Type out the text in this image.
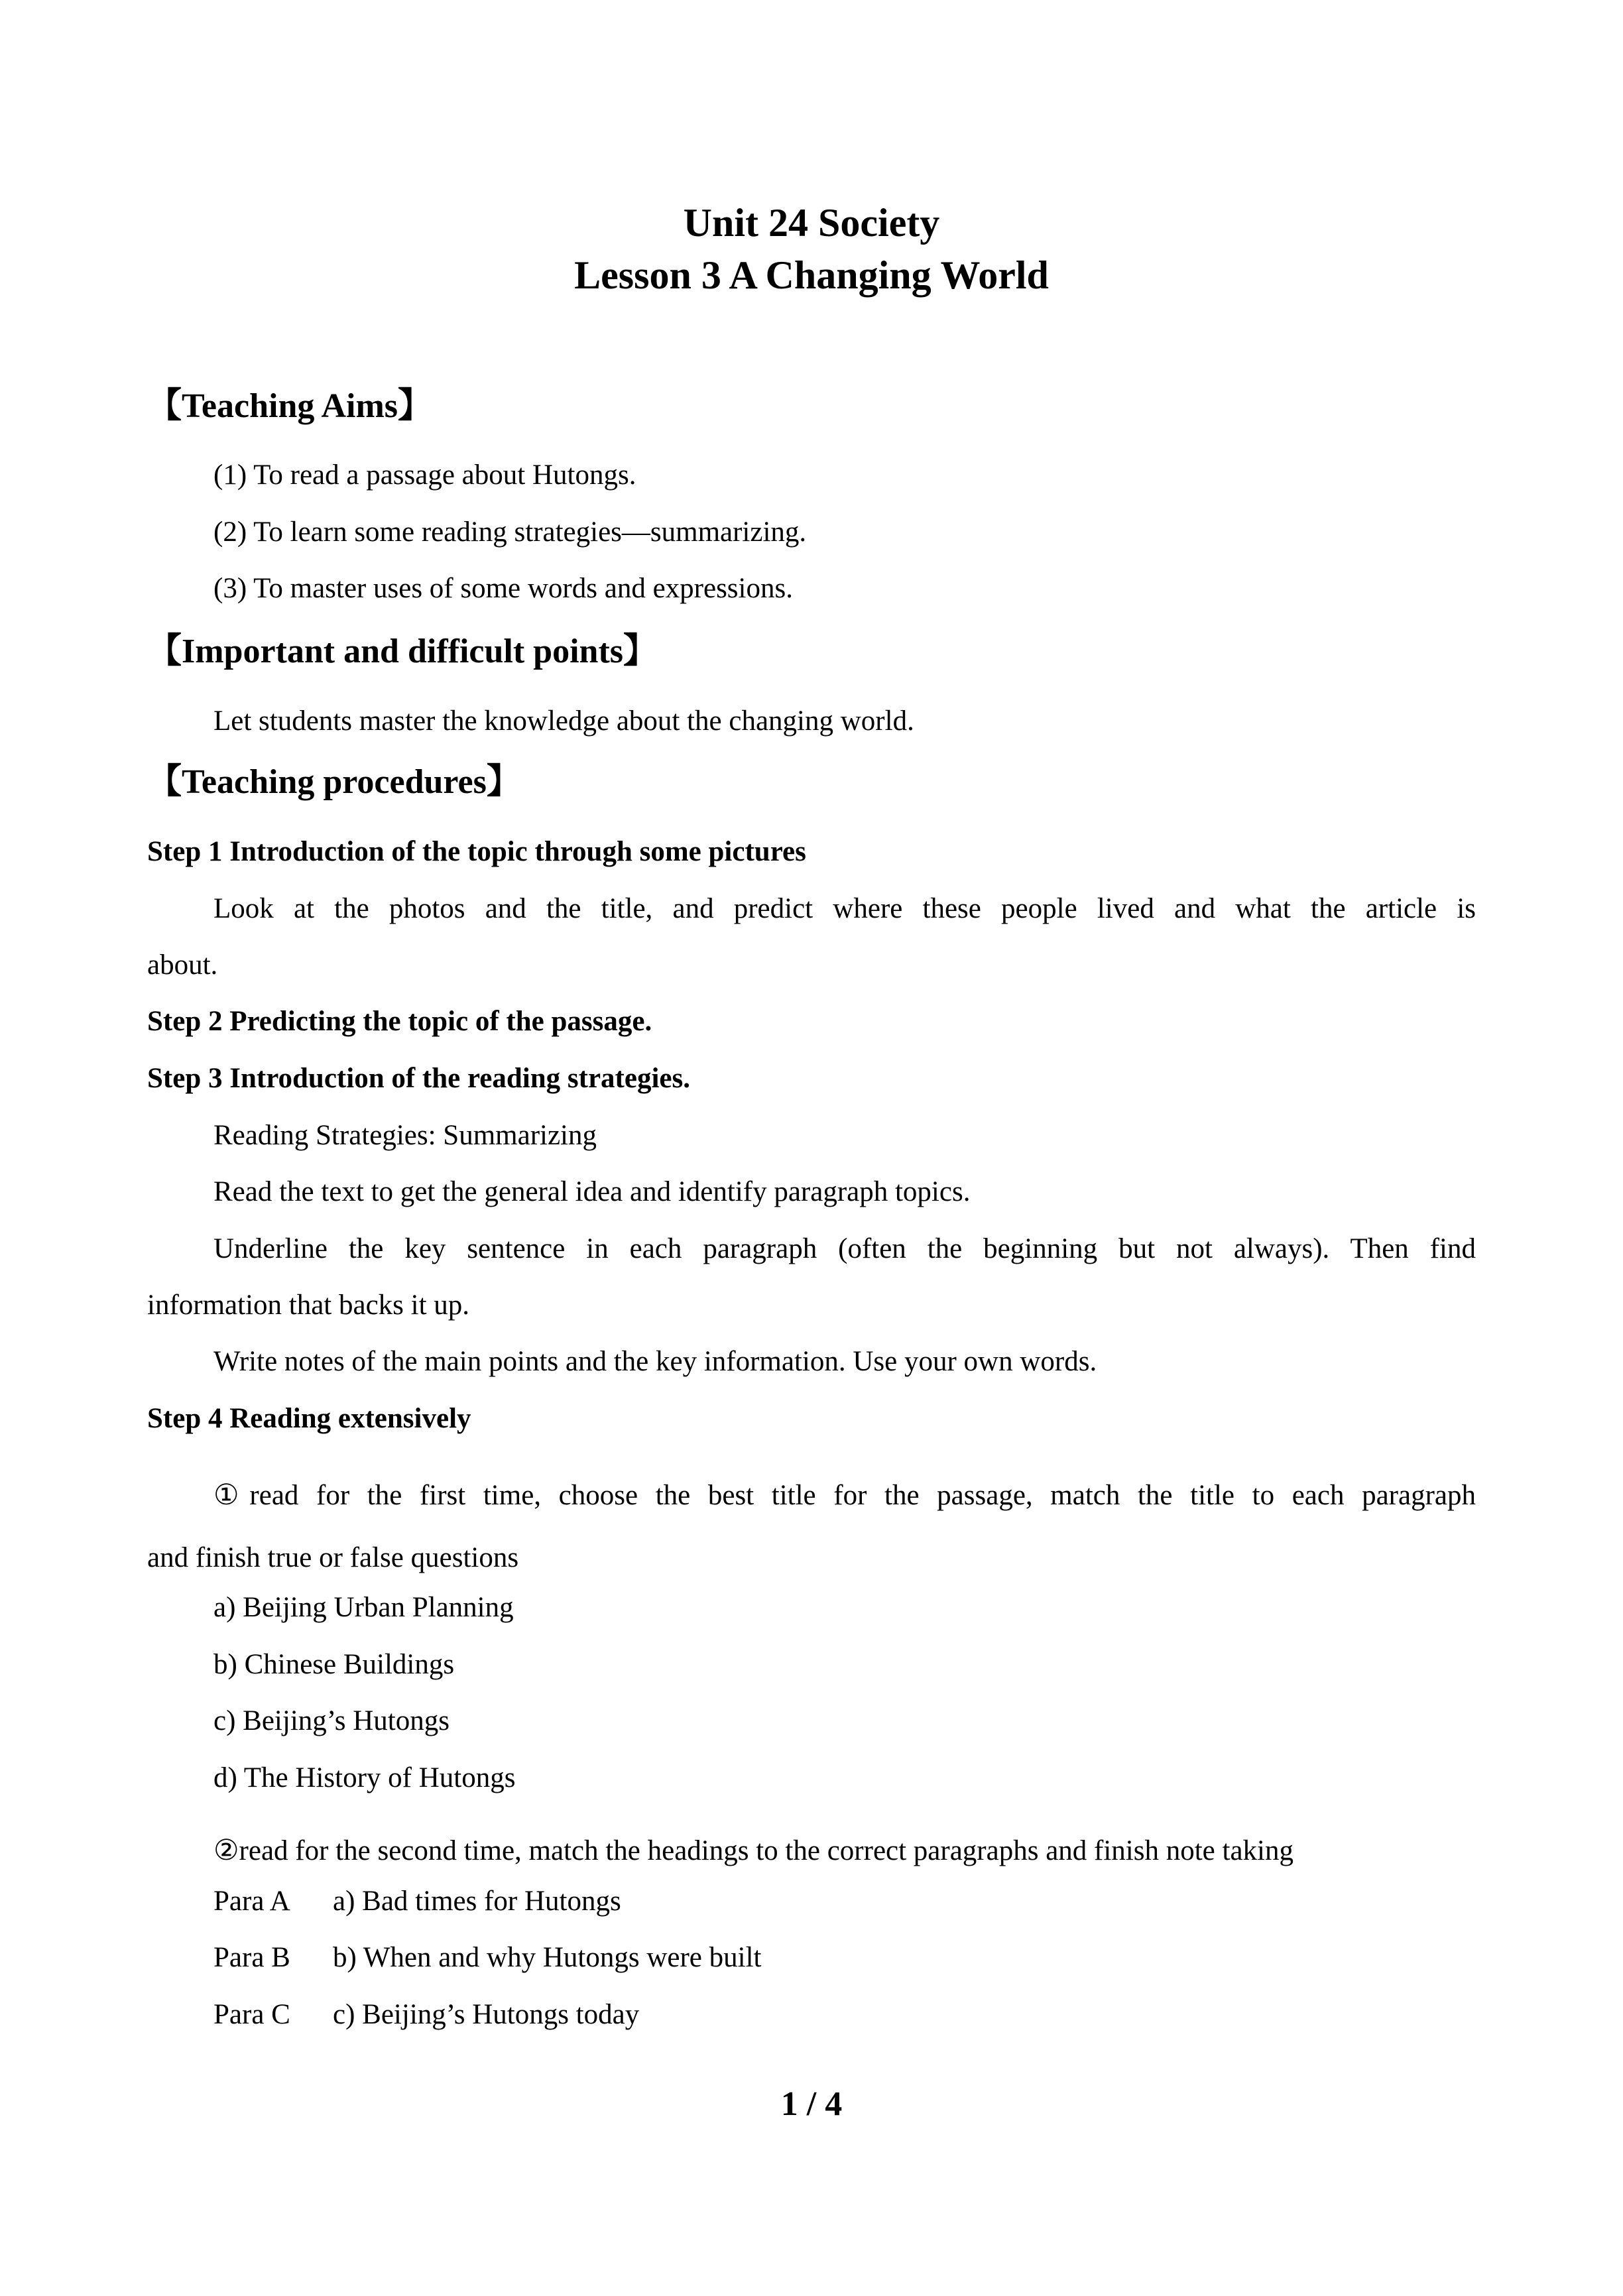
Unit 24 Society
Lesson 3 A Changing World
【Teaching Aims】
(1) To read a passage about Hutongs.
(2) To learn some reading strategies—summarizing.
(3) To master uses of some words and expressions.
【Important and difficult points】
Let students master the knowledge about the changing world.
【Teaching procedures】
Step 1 Introduction of the topic through some pictures
Look at the photos and the title, and predict where these people lived and what the article is
about.
Step 2 Predicting the topic of the passage.
Step 3 Introduction of the reading strategies.
Reading Strategies: Summarizing
Read the text to get the general idea and identify paragraph topics.
Underline the key sentence in each paragraph (often the beginning but not always). Then find
information that backs it up.
Write notes of the main points and the key information. Use your own words.
Step 4 Reading extensively
①read for the first time, choose the best title for the passage, match the title to each paragraph
and finish true or false questions
a) Beijing Urban Planning
b) Chinese Buildings
c) Beijing’s Hutongs
d) The History of Hutongs
②read for the second time, match the headings to the correct paragraphs and finish note taking
Para A a) Bad times for Hutongs
Para B b) When and why Hutongs were built
Para C c) Beijing’s Hutongs today
1 / 4
